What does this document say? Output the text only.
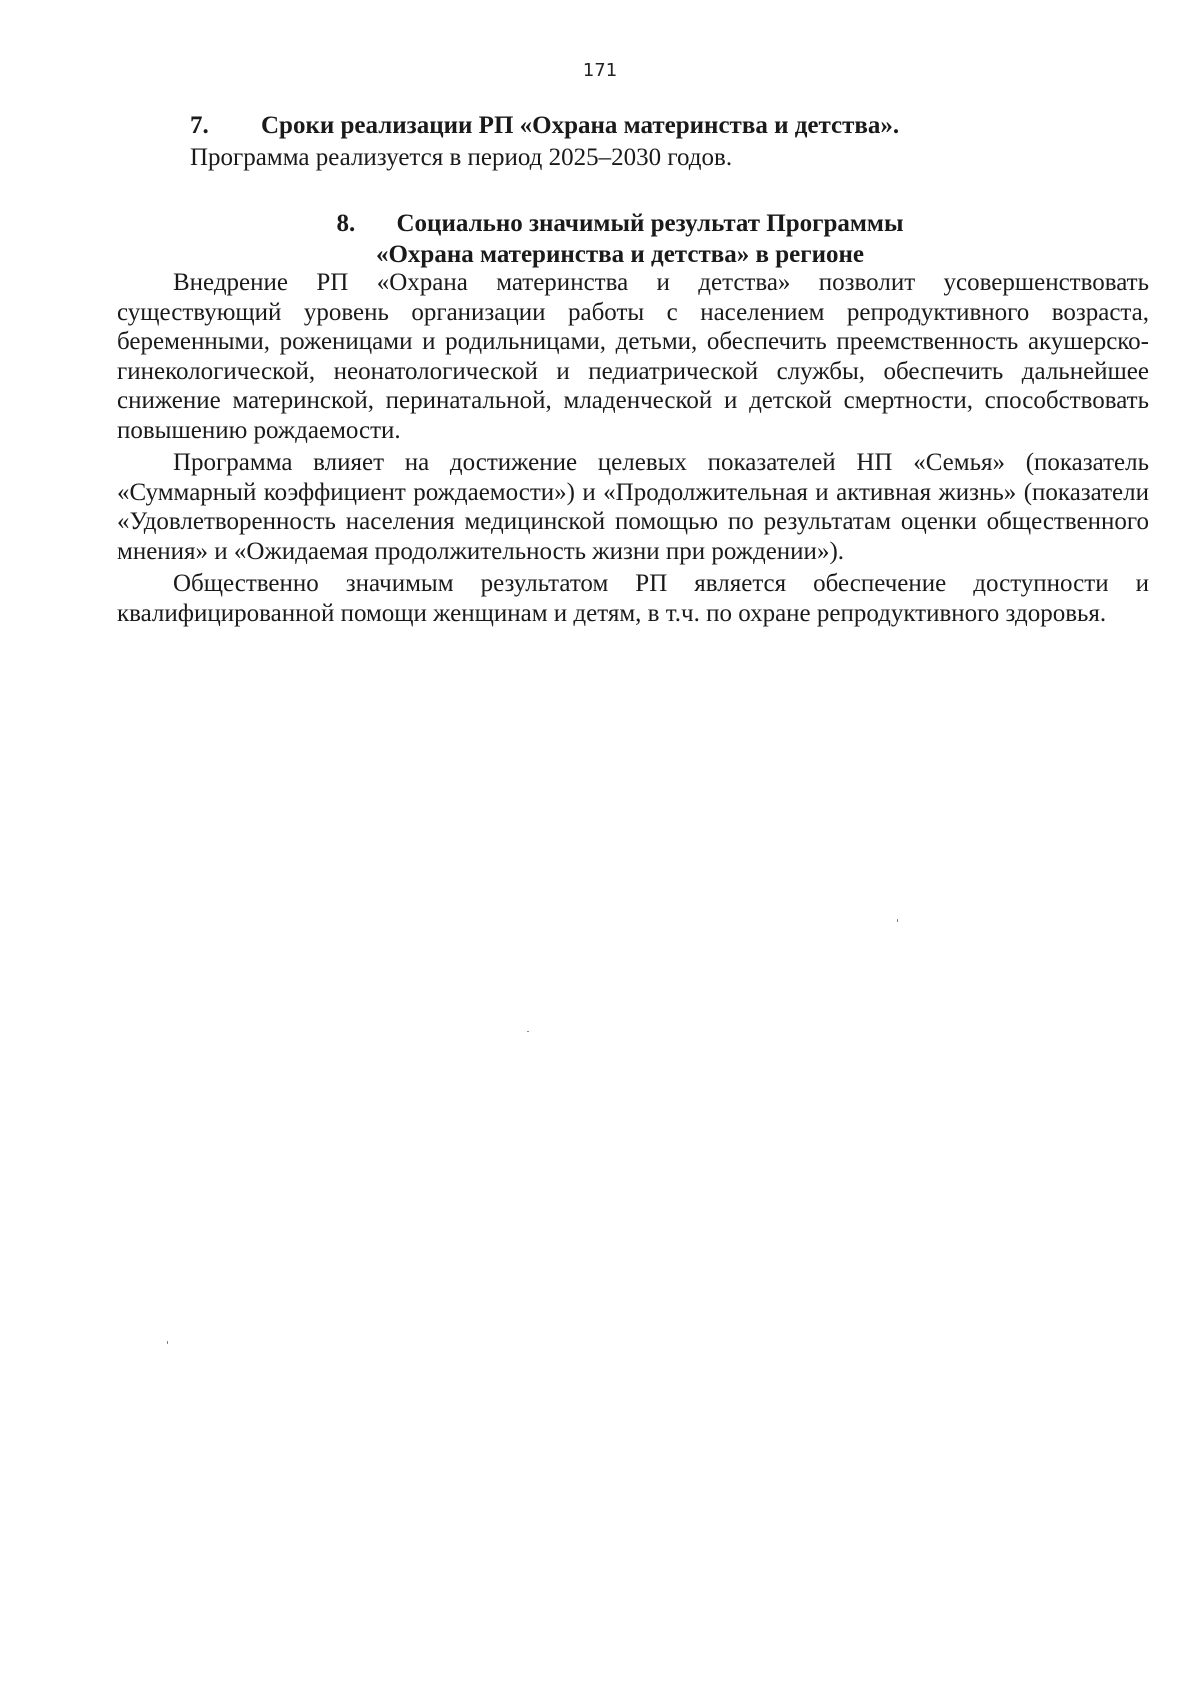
171
7. Сроки реализации РП «Охрана материнства и детства».
Программа реализуется в период 2025–2030 годов.
8. Социально значимый результат Программы
«Охрана материнства и детства» в регионе

Внедрение РП «Охрана материнства и детства» позволит усовершенствовать существующий уровень организации работы с населением репродуктивного возраста, беременными, роженицами и родильницами, детьми, обеспечить преемственность акушерско-гинекологической, неонатологической и педиатрической службы, обеспечить дальнейшее снижение материнской, перинатальной, младенческой и детской смертности, способствовать повышению рождаемости.

Программа влияет на достижение целевых показателей НП «Семья» (показатель «Суммарный коэффициент рождаемости») и «Продолжительная и активная жизнь» (показатели «Удовлетворенность населения медицинской помощью по результатам оценки общественного мнения» и «Ожидаемая продолжительность жизни при рождении»).

Общественно значимым результатом РП является обеспечение доступности и квалифицированной помощи женщинам и детям, в т.ч. по охране репродуктивного здоровья.
